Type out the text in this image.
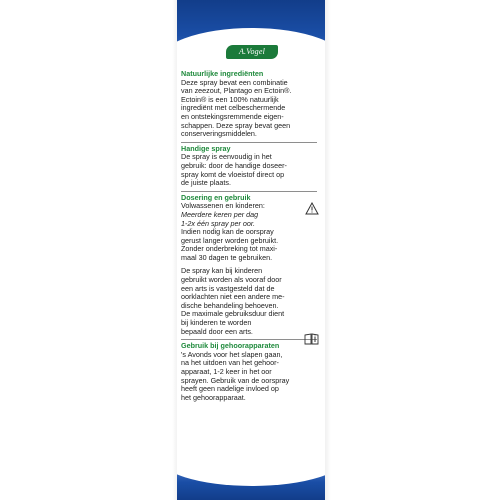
A.Vogel

Natuurlijke ingrediënten

Deze spray bevat een combinatie

van zeezout, Plantago en Ectoin®.

Ectoin® is een 100% natuurlijk

ingrediënt met celbeschermende

en ontstekingsremmende eigen-

schappen. Deze spray bevat geen

conserveringsmiddelen.

Handige spray

De spray is eenvoudig in het

gebruik: door de handige doseer-

spray komt de vloeistof direct op

de juiste plaats.

Dosering en gebruik

Volwassenen en kinderen:

Meerdere keren per dag

1-2x één spray per oor.

Indien nodig kan de oorspray

gerust langer worden gebruikt.

Zonder onderbreking tot maxi-

maal 30 dagen te gebruiken.

De spray kan bij kinderen

gebruikt worden als vooraf door

een arts is vastgesteld dat de

oorklachten niet een andere me-

dische behandeling behoeven.

De maximale gebruiksduur dient

bij kinderen te worden

bepaald door een arts.

Gebruik bij gehoorapparaten

's Avonds voor het slapen gaan,

na het uitdoen van het gehoor-

apparaat, 1-2 keer in het oor

sprayen. Gebruik van de oorspray

heeft geen nadelige invloed op

het gehoorapparaat.
